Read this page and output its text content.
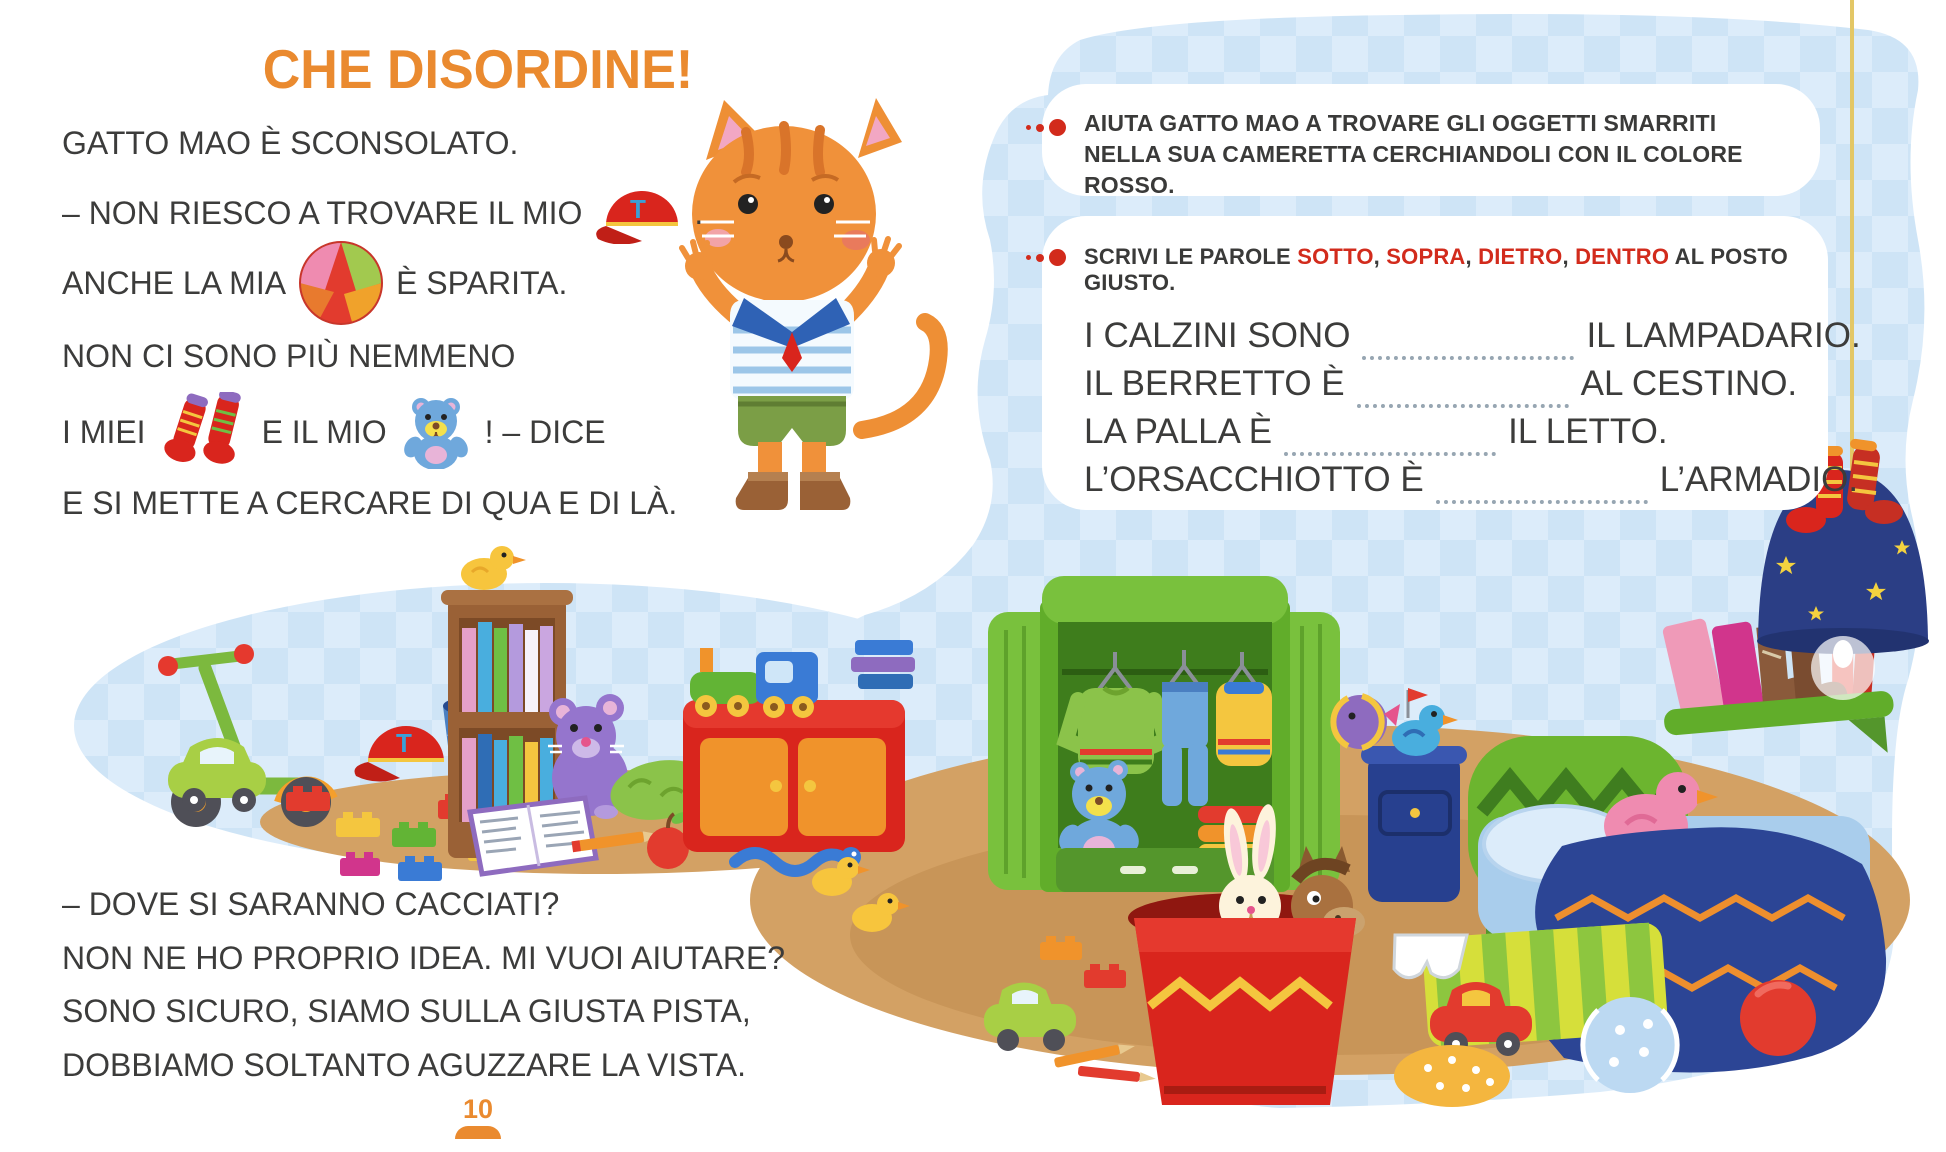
T
CHE DISORDINE!
GATTO MAO È SCONSOLATO.
– NON RIESCO A TROVARE IL MIO T .
ANCHE LA MIA	È SPARITA.
NON CI SONO PIÙ NEMMENO
I MIEI	E IL MIO	! – DICE
E SI METTE A CERCARE DI QUA E DI LÀ.
– DOVE SI SARANNO CACCIATI?
NON NE HO PROPRIO IDEA. MI VUOI AIUTARE?
SONO SICURO, SIAMO SULLA GIUSTA PISTA,
DOBBIAMO SOLTANTO AGUZZARE LA VISTA.
AIUTA GATTO MAO A TROVARE GLI OGGETTI SMARRITI
NELLA SUA CAMERETTA CERCHIANDOLI CON IL COLORE ROSSO.
SCRIVI LE PAROLE SOTTO, SOPRA, DIETRO, DENTRO AL POSTO GIUSTO.
I CALZINI SONO	IL LAMPADARIO.
IL BERRETTO È	AL CESTINO.
LA PALLA È	IL LETTO.
L’ORSACCHIOTTO È	L’ARMADIO.
10
